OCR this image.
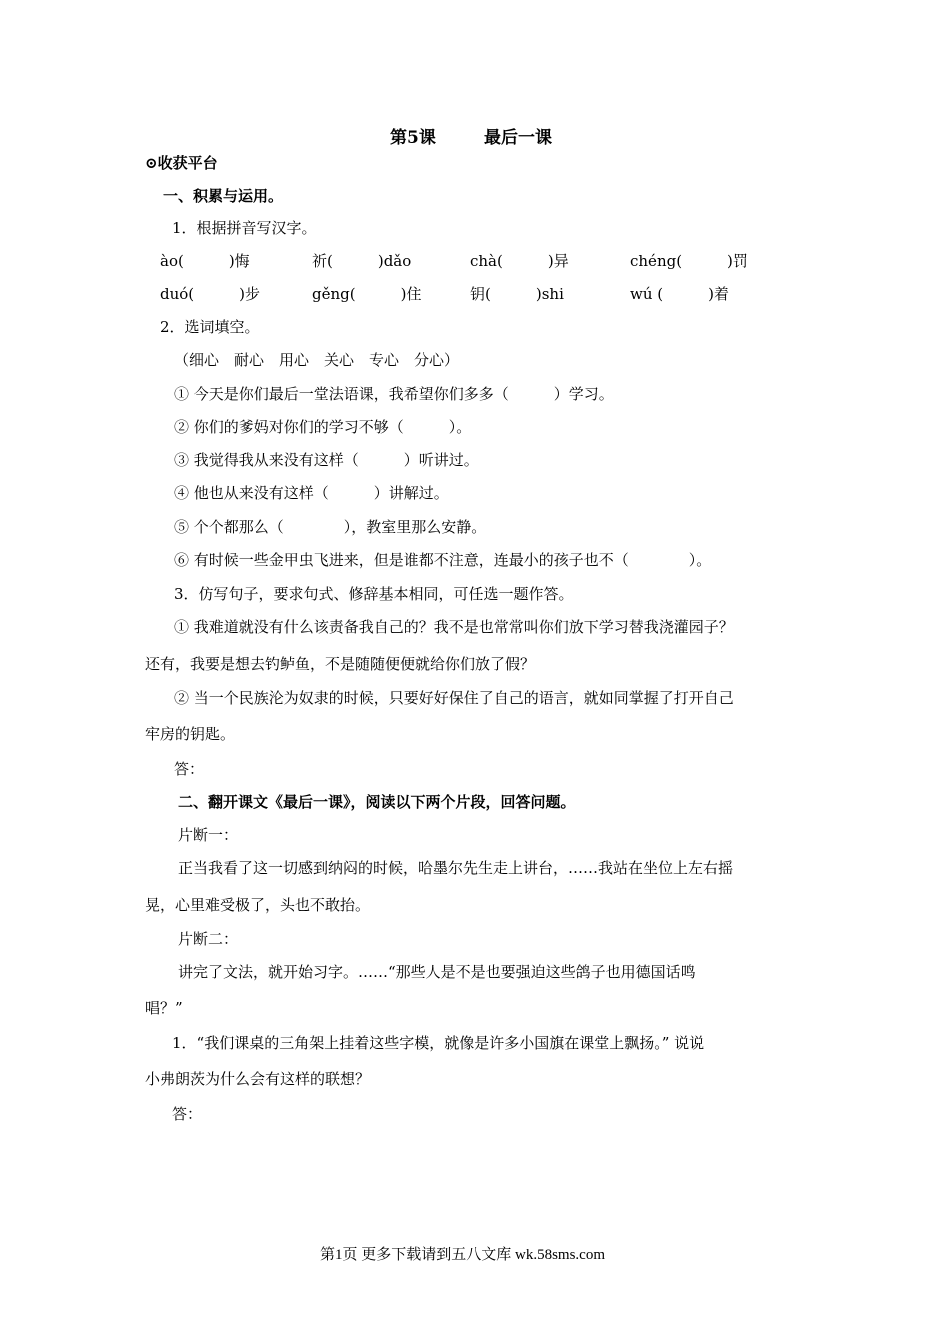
第5课	最后一课
⊙收获平台
一、积累与运用。
1．根据拼音写汉字。
ào(　　　)悔	祈(　　　)dǎo	chà(　　　)异	chéng(　　　)罚
duó(　　　)步	gěng(　　　)住	钥(　　　)shi	wú (　　　)着
2．选词填空。
（细心　耐心　用心　关心　专心　分心）
① 今天是你们最后一堂法语课，我希望你们多多（　　　）学习。
② 你们的爹妈对你们的学习不够（　　　）。
③ 我觉得我从来没有这样（　　　）听讲过。
④ 他也从来没有这样（　　　）讲解过。
⑤ 个个都那么（　　　　），教室里那么安静。
⑥ 有时候一些金甲虫飞进来，但是谁都不注意，连最小的孩子也不（　　　　）。
3．仿写句子，要求句式、修辞基本相同，可任选一题作答。
① 我难道就没有什么该责备我自己的？我不是也常常叫你们放下学习替我浇灌园子？
还有，我要是想去钓鲈鱼，不是随随便便就给你们放了假？
② 当一个民族沦为奴隶的时候，只要好好保住了自己的语言，就如同掌握了打开自己
牢房的钥匙。
答：
二、翻开课文《最后一课》，阅读以下两个片段，回答问题。
片断一：
正当我看了这一切感到纳闷的时候，哈墨尔先生走上讲台，……我站在坐位上左右摇
晃，心里难受极了，头也不敢抬。
片断二：
讲完了文法，就开始习字。……“那些人是不是也要强迫这些鸽子也用德国话鸣
唱？”
1．“我们课桌的三角架上挂着这些字模，就像是许多小国旗在课堂上飘扬。” 说说
小弗朗茨为什么会有这样的联想？
答：
第1页 更多下载请到五八文库 wk.58sms.com
